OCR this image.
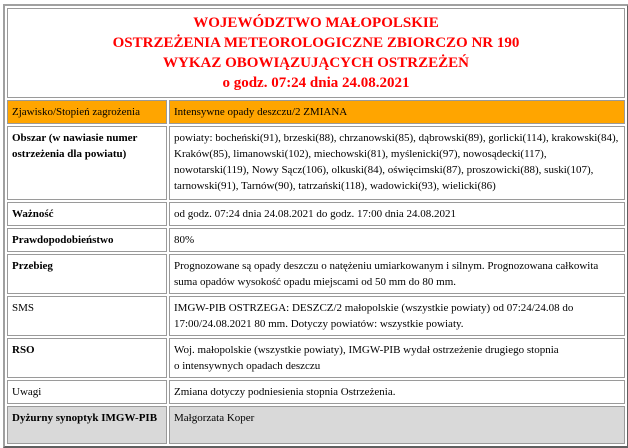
WOJEWÓDZTWO MAŁOPOLSKIE
OSTRZEŻENIA METEOROLOGICZNE ZBIORCZO NR 190
WYKAZ OBOWIĄZUJĄCYCH OSTRZEŻEŃ
o godz. 07:24 dnia 24.08.2021	

Zjawisko/Stopień zagrożenia	Intensywne opady deszczu/2 ZMIANA
Obszar (w nawiasie numer ostrzeżenia dla powiatu)	powiaty: bocheński(91), brzeski(88), chrzanowski(85), dąbrowski(89), gorlicki(114), krakowski(84), Kraków(85), limanowski(102), miechowski(81), myślenicki(97), nowosądecki(117), nowotarski(119), Nowy Sącz(106), olkuski(84), oświęcimski(87), proszowicki(88), suski(107), tarnowski(91), Tarnów(90), tatrzański(118), wadowicki(93), wielicki(86)
Ważność	od godz. 07:24 dnia 24.08.2021 do godz. 17:00 dnia 24.08.2021
Prawdopodobieństwo	80%
Przebieg	Prognozowane są opady deszczu o natężeniu umiarkowanym i silnym. Prognozowana całkowita suma opadów wysokość opadu miejscami od 50 mm do 80 mm.
SMS	IMGW-PIB OSTRZEGA: DESZCZ/2 małopolskie (wszystkie powiaty) od 07:24/24.08 do 17:00/24.08.2021 80 mm. Dotyczy powiatów: wszystkie powiaty.
RSO	Woj. małopolskie (wszystkie powiaty), IMGW-PIB wydał ostrzeżenie drugiego stopnia
o intensywnych opadach deszczu

Uwagi	Zmiana dotyczy podniesienia stopnia Ostrzeżenia.
Dyżurny synoptyk IMGW-PIB	Małgorzata Koper
